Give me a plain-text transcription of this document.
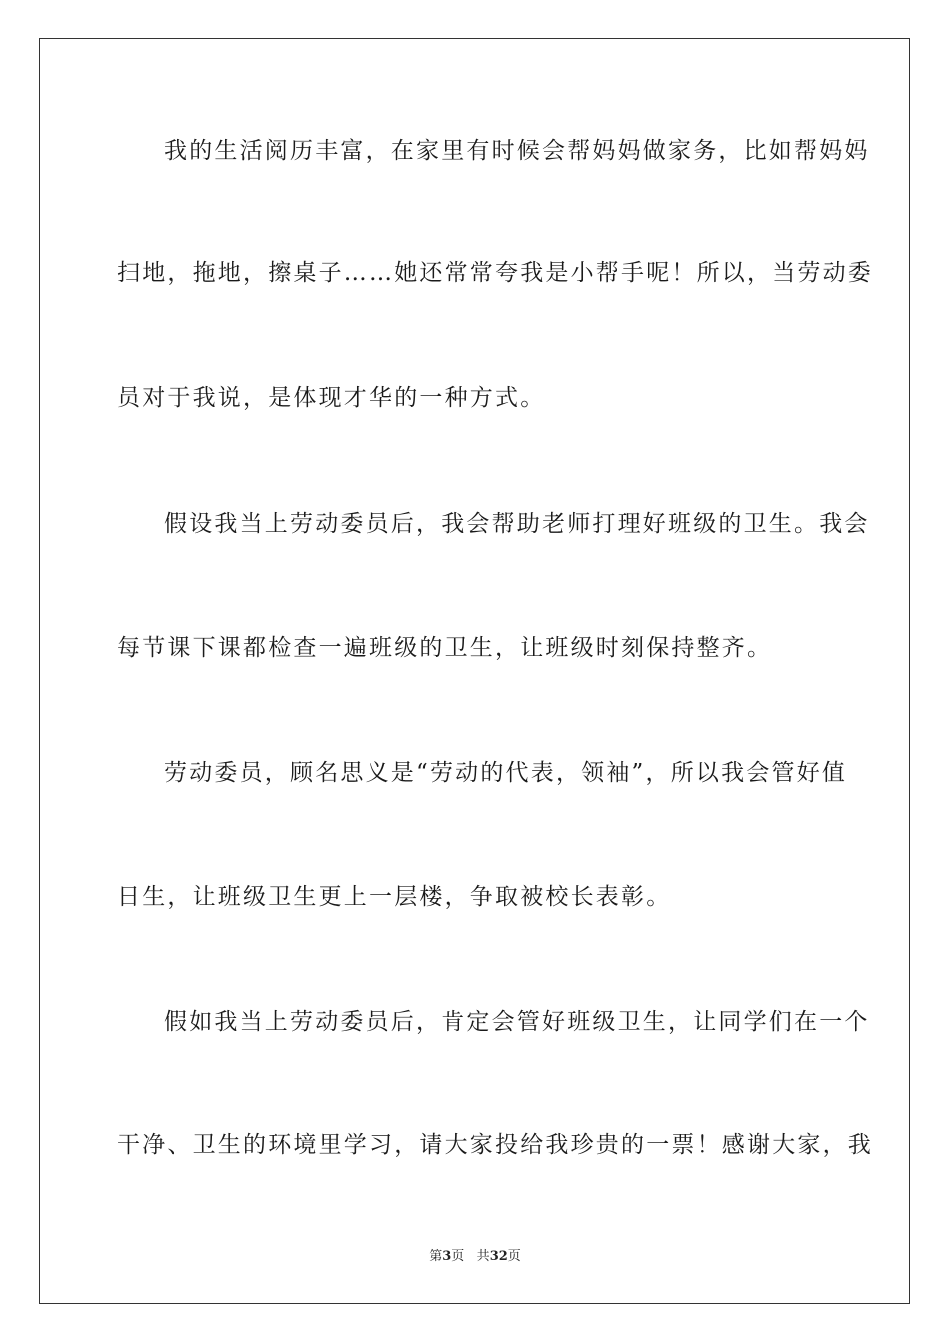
我的生活阅历丰富，在家里有时候会帮妈妈做家务，比如帮妈妈
扫地，拖地，擦桌子……她还常常夸我是小帮手呢！所以，当劳动委
员对于我说，是体现才华的一种方式。
假设我当上劳动委员后，我会帮助老师打理好班级的卫生。我会
每节课下课都检查一遍班级的卫生，让班级时刻保持整齐。
劳动委员，顾名思义是“劳动的代表，领袖”，所以我会管好值
日生，让班级卫生更上一层楼，争取被校长表彰。
假如我当上劳动委员后，肯定会管好班级卫生，让同学们在一个
干净、卫生的环境里学习，请大家投给我珍贵的一票！感谢大家，我
第3页 共32页
